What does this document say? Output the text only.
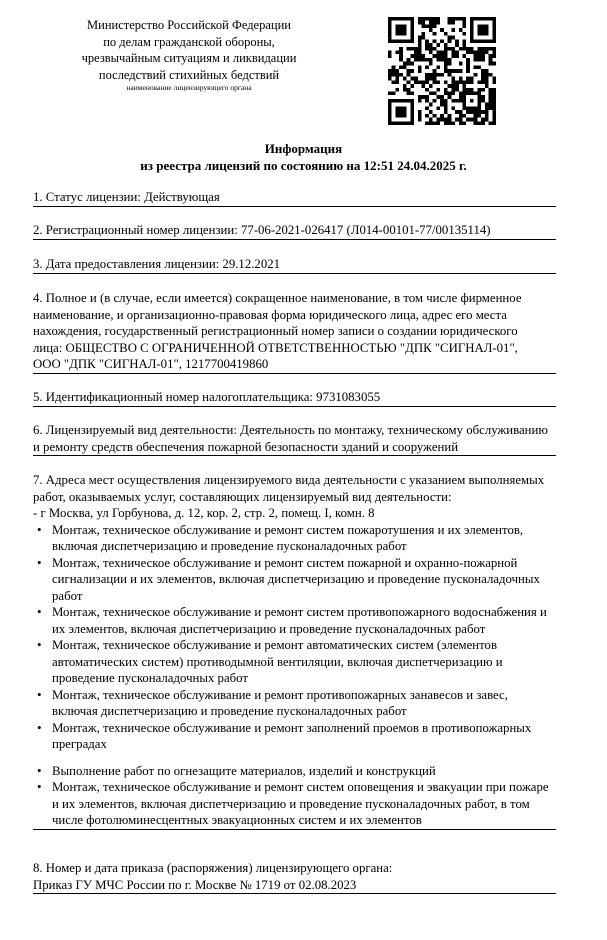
Министерство Российской Федерации
по делам гражданской обороны,
чрезвычайным ситуациям и ликвидации
последствий стихийных бедствий
наименование лицензирующего органа
Информация
из реестра лицензий по состоянию на 12:51 24.04.2025 г.
1. Статус лицензии: Действующая
2. Регистрационный номер лицензии: 77-06-2021-026417 (Л014-00101-77/00135114)
3. Дата предоставления лицензии: 29.12.2021
4. Полное и (в случае, если имеется) сокращенное наименование, в том числе фирменное
наименование, и организационно-правовая форма юридического лица, адрес его места
нахождения, государственный регистрационный номер записи о создании юридического
лица: ОБЩЕСТВО С ОГРАНИЧЕННОЙ ОТВЕТСТВЕННОСТЬЮ "ДПК "СИГНАЛ-01",
ООО "ДПК "СИГНАЛ-01", 1217700419860
5. Идентификационный номер налогоплательщика: 9731083055
6. Лицензируемый вид деятельности: Деятельность по монтажу, техническому обслуживанию
и ремонту средств обеспечения пожарной безопасности зданий и сооружений
7. Адреса мест осуществления лицензируемого вида деятельности с указанием выполняемых
работ, оказываемых услуг, составляющих лицензируемый вид деятельности:
- г Москва, ул Горбунова, д. 12, кор. 2, стр. 2, помещ. I, комн. 8
• Монтаж, техническое обслуживание и ремонт систем пожаротушения и их элементов,
включая диспетчеризацию и проведение пусконаладочных работ
• Монтаж, техническое обслуживание и ремонт систем пожарной и охранно-пожарной
сигнализации и их элементов, включая диспетчеризацию и проведение пусконаладочных
работ
• Монтаж, техническое обслуживание и ремонт систем противопожарного водоснабжения и
их элементов, включая диспетчеризацию и проведение пусконаладочных работ
• Монтаж, техническое обслуживание и ремонт автоматических систем (элементов
автоматических систем) противодымной вентиляции, включая диспетчеризацию и
проведение пусконаладочных работ
• Монтаж, техническое обслуживание и ремонт противопожарных занавесов и завес,
включая диспетчеризацию и проведение пусконаладочных работ
• Монтаж, техническое обслуживание и ремонт заполнений проемов в противопожарных
преградах
• Выполнение работ по огнезащите материалов, изделий и конструкций
• Монтаж, техническое обслуживание и ремонт систем оповещения и эвакуации при пожаре
и их элементов, включая диспетчеризацию и проведение пусконаладочных работ, в том
числе фотолюминесцентных эвакуационных систем и их элементов
8. Номер и дата приказа (распоряжения) лицензирующего органа:
Приказ ГУ МЧС России по г. Москве № 1719 от 02.08.2023
